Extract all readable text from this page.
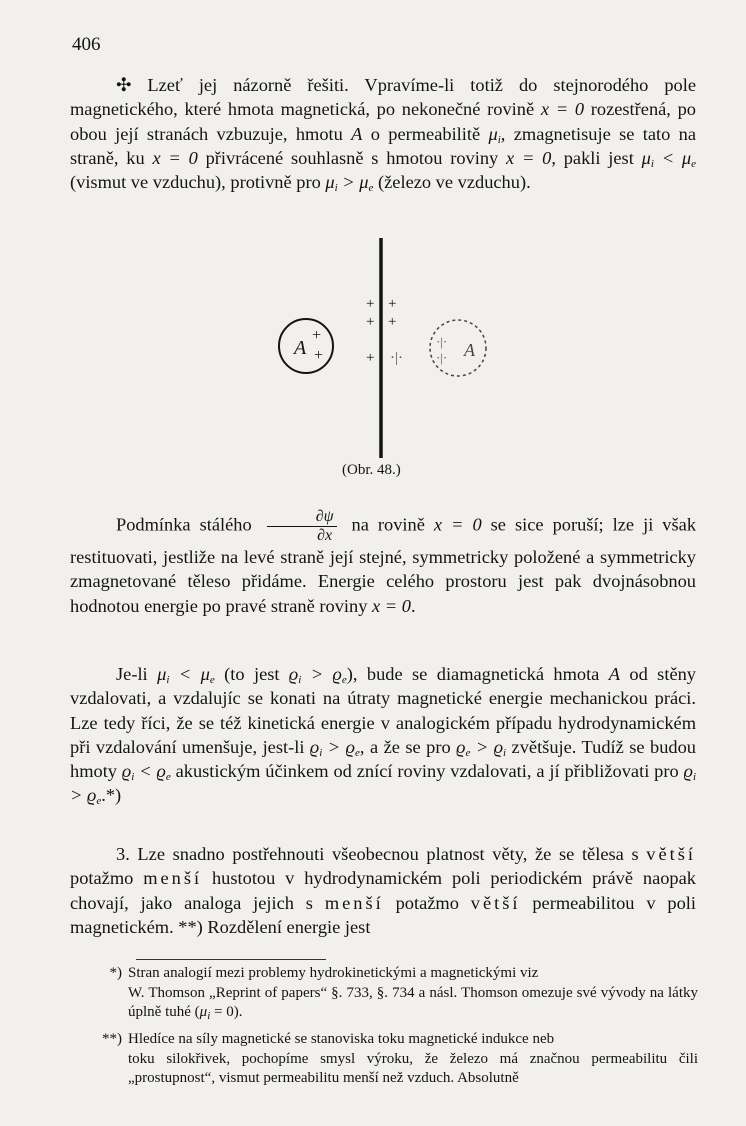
406

✣ Lzeť jej názorně řešiti. Vpravíme-li totiž do stejnorodého pole magnetického, které hmota magnetická, po nekonečné rovině x = 0 rozestřená, po obou její stranách vzbuzuje, hmotu A o permeabilitě $\mu_i$, zmagnetisuje se tato na straně, ku x = 0 přivrácené souhlasně s hmotou roviny x = 0, pakli jest $\mu_i < \mu_e$ (vismut ve vzduchu), protivně pro $\mu_i > \mu_e$ (železo ve vzduchu).

A
+
+
+ +
+ +
+ ·|·	A
·|·
·|·
(Obr. 48.)

Podmínka stálého $\frac{\partial\psi}{\partial x}$ na rovině x = 0 se sice poruší; lze ji však restituovati, jestliže na levé straně její stejné, symmetricky položené a symmetricky zmagnetované těleso přidáme. Energie celého prostoru jest pak dvojnásobnou hodnotou energie po pravé straně roviny x = 0.

Je-li $\mu_i < \mu_e$ (to jest $ϱ_i > ϱ_e$), bude se diamagnetická hmota A od stěny vzdalovati, a vzdalujíc se konati na útraty magnetické energie mechanickou práci. Lze tedy říci, že se též kinetická energie v analogickém případu hydrodynamickém při vzdalování umenšuje, jest-li $ϱ_i > ϱ_e$, a že se pro $ϱ_e > ϱ_i$ zvětšuje. Tudíž se budou hmoty $ϱ_i < ϱ_e$ akustickým účinkem od znící roviny vzdalovati, a jí přibližovati pro $ϱ_i > ϱ_e.*$)

3. Lze snadno postřehnouti všeobecnou platnost věty, že se tělesa s větší potažmo menší hustotou v hydrodynamickém poli periodickém právě naopak chovají, jako analoga jejich s menší potažmo větší permeabilitou v poli magnetickém. **) Rozdělení energie jest

*) Stran analogií mezi problemy hydrokinetickými a magnetickými viz
W. Thomson „Reprint of papers“ §. 733, §. 734 a násl. Thomson omezuje své vývody na látky úplně tuhé $(\mu_i = 0)$.

**) Hledíce na síly magnetické se stanoviska toku magnetické indukce neb
toku silokřivek, pochopíme smysl výroku, že železo má značnou permeabilitu čili „prostupnost“, vismut permeabilitu menší než vzduch. Absolutně
